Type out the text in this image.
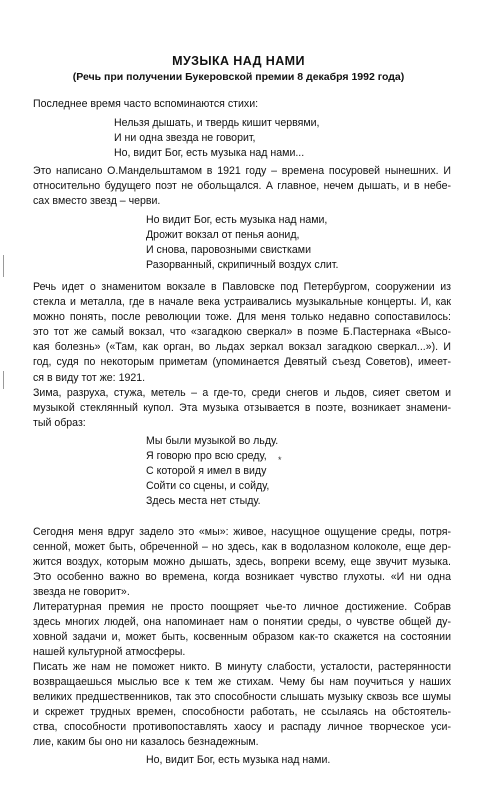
МУЗЫКА НАД НАМИ
(Речь при получении Букеровской премии 8 декабря 1992 года)
Последнее время часто вспоминаются стихи:
Нельзя дышать, и твердь кишит червями,
И ни одна звезда не говорит,
Но, видит Бог, есть музыка над нами...
Это написано О.Мандельштамом в 1921 году – времена посуровей нынешних. И
относительно будущего поэт не обольщался. А главное, нечем дышать, и в небе-
сах вместо звезд – черви.
Но видит Бог, есть музыка над нами,
Дрожит вокзал от пенья аонид,
И снова, паровозными свистками
Разорванный, скрипичный воздух слит.
Речь идет о знаменитом вокзале в Павловске под Петербургом, сооружении из
стекла и металла, где в начале века устраивались музыкальные концерты. И, как
можно понять, после революции тоже. Для меня только недавно сопоставилось:
это тот же самый вокзал, что «загадкою сверкал» в поэме Б.Пастернака «Высо-
кая болезнь» («Там, как орган, во льдах зеркал вокзал загадкою сверкал...»). И
год, судя по некоторым приметам (упоминается Девятый съезд Советов), имеет-
ся в виду тот же: 1921.
Зима, разруха, стужа, метель – а где-то, среди снегов и льдов, сияет светом и
музыкой стеклянный купол. Эта музыка отзывается в поэте, возникает знамени-
тый образ:
Мы были музыкой во льду.
Я говорю про всю среду,
С которой я имел в виду
Сойти со сцены, и сойду,
Здесь места нет стыду.
*
Сегодня меня вдруг задело это «мы»: живое, насущное ощущение среды, потря-
сенной, может быть, обреченной – но здесь, как в водолазном колоколе, еще дер-
жится воздух, которым можно дышать, здесь, вопреки всему, еще звучит музыка.
Это особенно важно во времена, когда возникает чувство глухоты. «И ни одна
звезда не говорит».
Литературная премия не просто поощряет чье-то личное достижение. Собрав
здесь многих людей, она напоминает нам о понятии среды, о чувстве общей ду-
ховной задачи и, может быть, косвенным образом как-то скажется на состоянии
нашей культурной атмосферы.
Писать же нам не поможет никто. В минуту слабости, усталости, растерянности
возвращаешься мыслью все к тем же стихам. Чему бы нам поучиться у наших
великих предшественников, так это способности слышать музыку сквозь все шумы
и скрежет трудных времен, способности работать, не ссылаясь на обстоятель-
ства, способности противопоставлять хаосу и распаду личное творческое уси-
лие, каким бы оно ни казалось безнадежным.
Но, видит Бог, есть музыка над нами.
